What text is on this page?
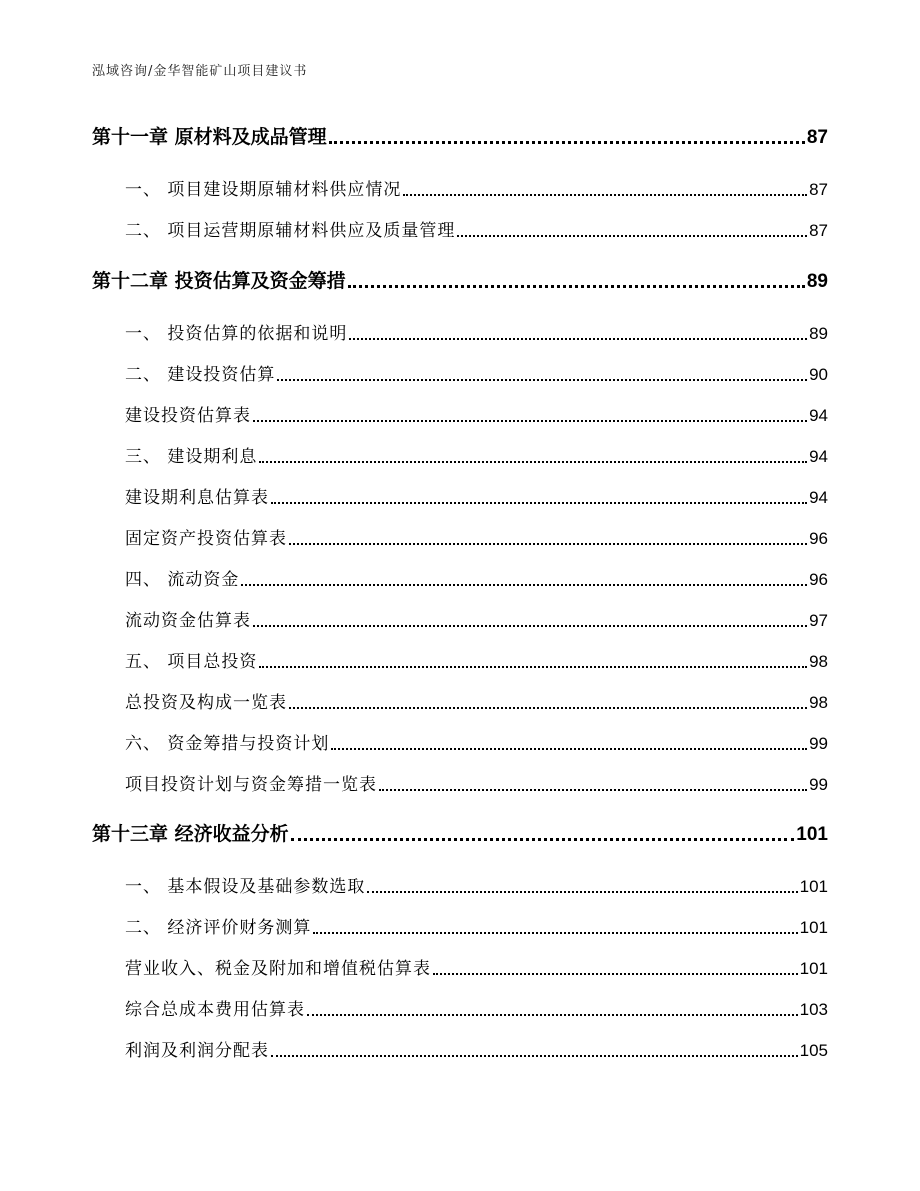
泓域咨询/金华智能矿山项目建议书
第十一章 原材料及成品管理	87
一、 项目建设期原辅材料供应情况	87
二、 项目运营期原辅材料供应及质量管理	87
第十二章 投资估算及资金筹措	89
一、 投资估算的依据和说明	89
二、 建设投资估算	90
建设投资估算表	94
三、 建设期利息	94
建设期利息估算表	94
固定资产投资估算表	96
四、 流动资金	96
流动资金估算表	97
五、 项目总投资	98
总投资及构成一览表	98
六、 资金筹措与投资计划	99
项目投资计划与资金筹措一览表	99
第十三章 经济收益分析	101
一、 基本假设及基础参数选取	101
二、 经济评价财务测算	101
营业收入、税金及附加和增值税估算表	101
综合总成本费用估算表	103
利润及利润分配表	105
